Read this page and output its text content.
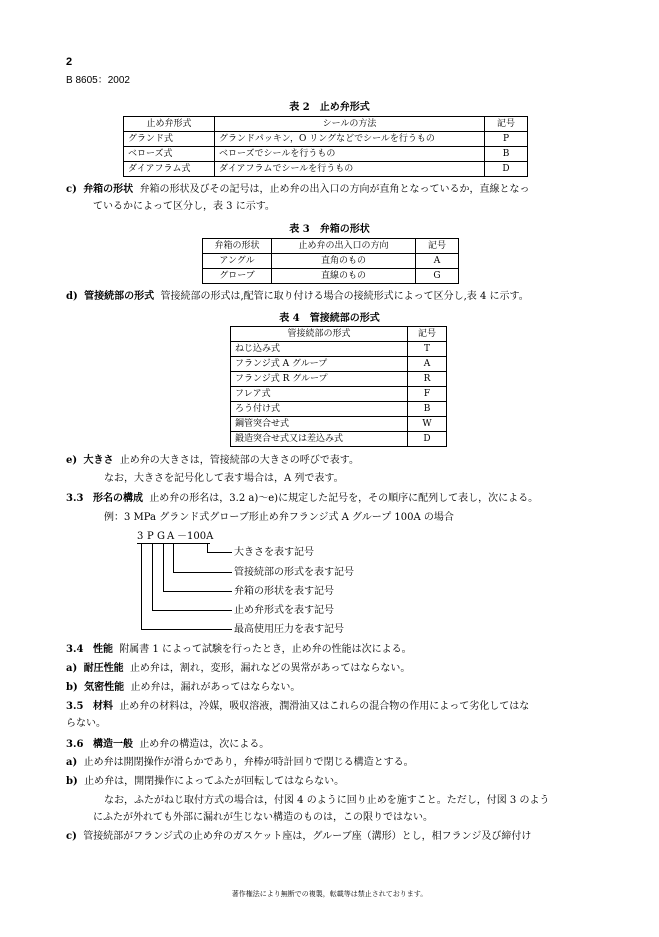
2
B 8605：2002
表 2　止め弁形式
止め弁形式	シールの方法	記号
グランド式	グランドパッキン，O リングなどでシールを行うもの	P
ベローズ式	ベローズでシールを行うもの	B
ダイアフラム式	ダイアフラムでシールを行うもの	D
c) 弁箱の形状 弁箱の形状及びその記号は，止め弁の出入口の方向が直角となっているか，直線となっ
ているかによって区分し，表 3 に示す。
表 3　弁箱の形状
弁箱の形状	止め弁の出入口の方向	記号
アングル	直角のもの	A
グローブ	直線のもの	G
d) 管接続部の形式 管接続部の形式は,配管に取り付ける場合の接続形式によって区分し,表 4 に示す。
表 4　管接続部の形式
管接続部の形式	記号
ねじ込み式	T
フランジ式 A グループ	A
フランジ式 R グループ	R
フレア式	F
ろう付け式	B
鋼管突合せ式	W
鍛造突合せ式又は差込み式	D
e) 大きさ 止め弁の大きさは，管接続部の大きさの呼びで表す。
なお，大きさを記号化して表す場合は，A 列で表す。
3.3 形名の構成 止め弁の形名は，3.2 a)～e)に規定した記号を，その順序に配列して表し，次による。
例：3 MPa グランド式グローブ形止め弁フランジ式 A グループ 100A の場合
3 P G A － 100A
大きさを表す記号
管接続部の形式を表す記号
弁箱の形状を表す記号
止め弁形式を表す記号
最高使用圧力を表す記号
3.4 性能 附属書 1 によって試験を行ったとき，止め弁の性能は次による。
a) 耐圧性能 止め弁は，割れ，変形，漏れなどの異常があってはならない。
b) 気密性能 止め弁は，漏れがあってはならない。
3.5 材料 止め弁の材料は，冷媒，吸収溶液，潤滑油又はこれらの混合物の作用によって劣化してはな
らない。
3.6 構造一般 止め弁の構造は，次による。
a) 止め弁は開閉操作が滑らかであり，弁棒が時計回りで閉じる構造とする。
b) 止め弁は，開閉操作によってふたが回転してはならない。
なお，ふたがねじ取付方式の場合は，付図 4 のように回り止めを施すこと。ただし，付図 3 のよう
にふたが外れても外部に漏れが生じない構造のものは，この限りではない。
c) 管接続部がフランジ式の止め弁のガスケット座は，グルーブ座（溝形）とし，相フランジ及び締付け
著作権法により無断での複製，転載等は禁止されております。
